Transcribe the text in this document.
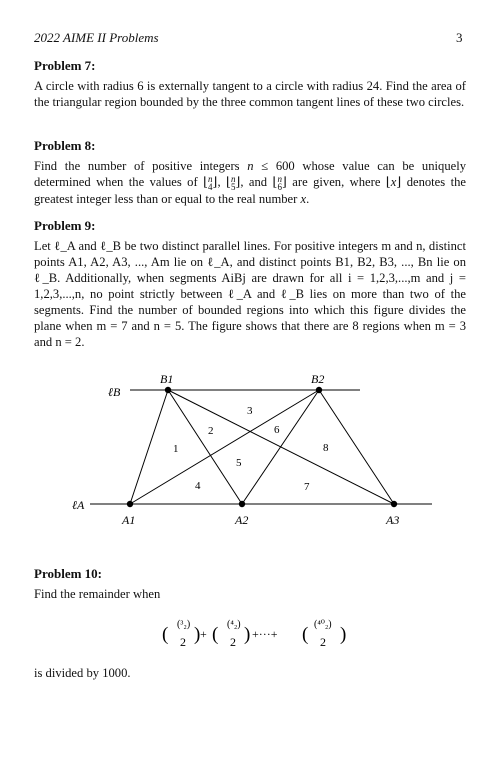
2022 AIME II Problems	3
Problem 7:
A circle with radius 6 is externally tangent to a circle with radius 24. Find the area of the triangular region bounded by the three common tangent lines of these two circles.
Problem 8:
Find the number of positive integers n ≤ 600 whose value can be uniquely determined when the values of ⌊n
4⌋, ⌊n
5⌋, and ⌊n
6⌋ are given, where ⌊x⌋ denotes the greatest integer less than or equal to the real number x.
Problem 9:
Let ℓ_A and ℓ_B be two distinct parallel lines. For positive integers m and n, distinct points A1, A2, A3, ..., Am lie on ℓ_A, and distinct points B1, B2, B3, ..., Bn lie on ℓ_B. Additionally, when segments AiBj are drawn for all i = 1,2,3,...,m and j = 1,2,3,...,n, no point strictly between ℓ_A and ℓ_B lies on more than two of the segments. Find the number of bounded regions into which this figure divides the plane when m = 7 and n = 5. The figure shows that there are 8 regions when m = 3 and n = 2.
ℓB
ℓA
B1	B2
A1	A2	A3
1
2
3
4
5
6
7
8
Problem 10:
Find the remainder when
( ) ( )	( )
(³₂)
2
+
(⁴₂)
2
+···+
(⁴⁰₂)
2
is divided by 1000.
